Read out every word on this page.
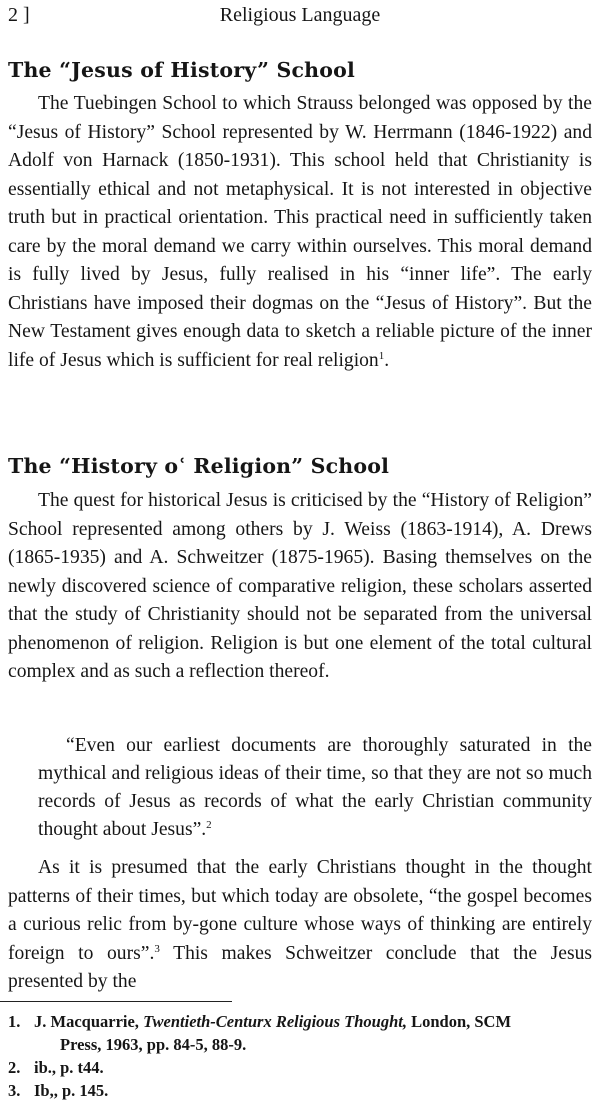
2 ]	Religious Language
The “Jesus of History” School

The Tuebingen School to which Strauss belonged was opposed by the “Jesus of History” School represented by W. Herrmann (1846-1922) and Adolf von Harnack (1850-1931). This school held that Christianity is essentially ethical and not metaphysical. It is not interested in objective truth but in practical orientation. This practical need in sufficiently taken care by the moral demand we carry within ourselves. This moral demand is fully lived by Jesus, fully realised in his “inner life”. The early Christians have imposed their dogmas on the “Jesus of History”. But the New Testament gives enough data to sketch a reliable picture of the inner life of Jesus which is sufficient for real religion$^1$.

The “History oʿ Religion” School

The quest for historical Jesus is criticised by the “History of Religion” School represented among others by J. Weiss (1863-1914), A. Drews (1865-1935) and A. Schweitzer (1875-1965). Basing themselves on the newly discovered science of comparative religion, these scholars asserted that the study of Christianity should not be separated from the universal phenomenon of religion. Religion is but one element of the total cultural complex and as such a reflection thereof.

“Even our earliest documents are thoroughly saturated in the mythical and religious ideas of their time, so that they are not so much records of Jesus as records of what the early Christian community thought about Jesus”.$^2$

As it is presumed that the early Christians thought in the thought patterns of their times, but which today are obsolete, “the gospel becomes a curious relic from by-gone culture whose ways of thinking are entirely foreign to ours”.$^3$ This makes Schweitzer conclude that the Jesus presented by the

1. J. Macquarrie, Twentieth-Centurx Religious Thought, London, SCM
Press, 1963, pp. 84-5, 88-9.
2. ib., p. t44.
3. Ib,, p. 145.
